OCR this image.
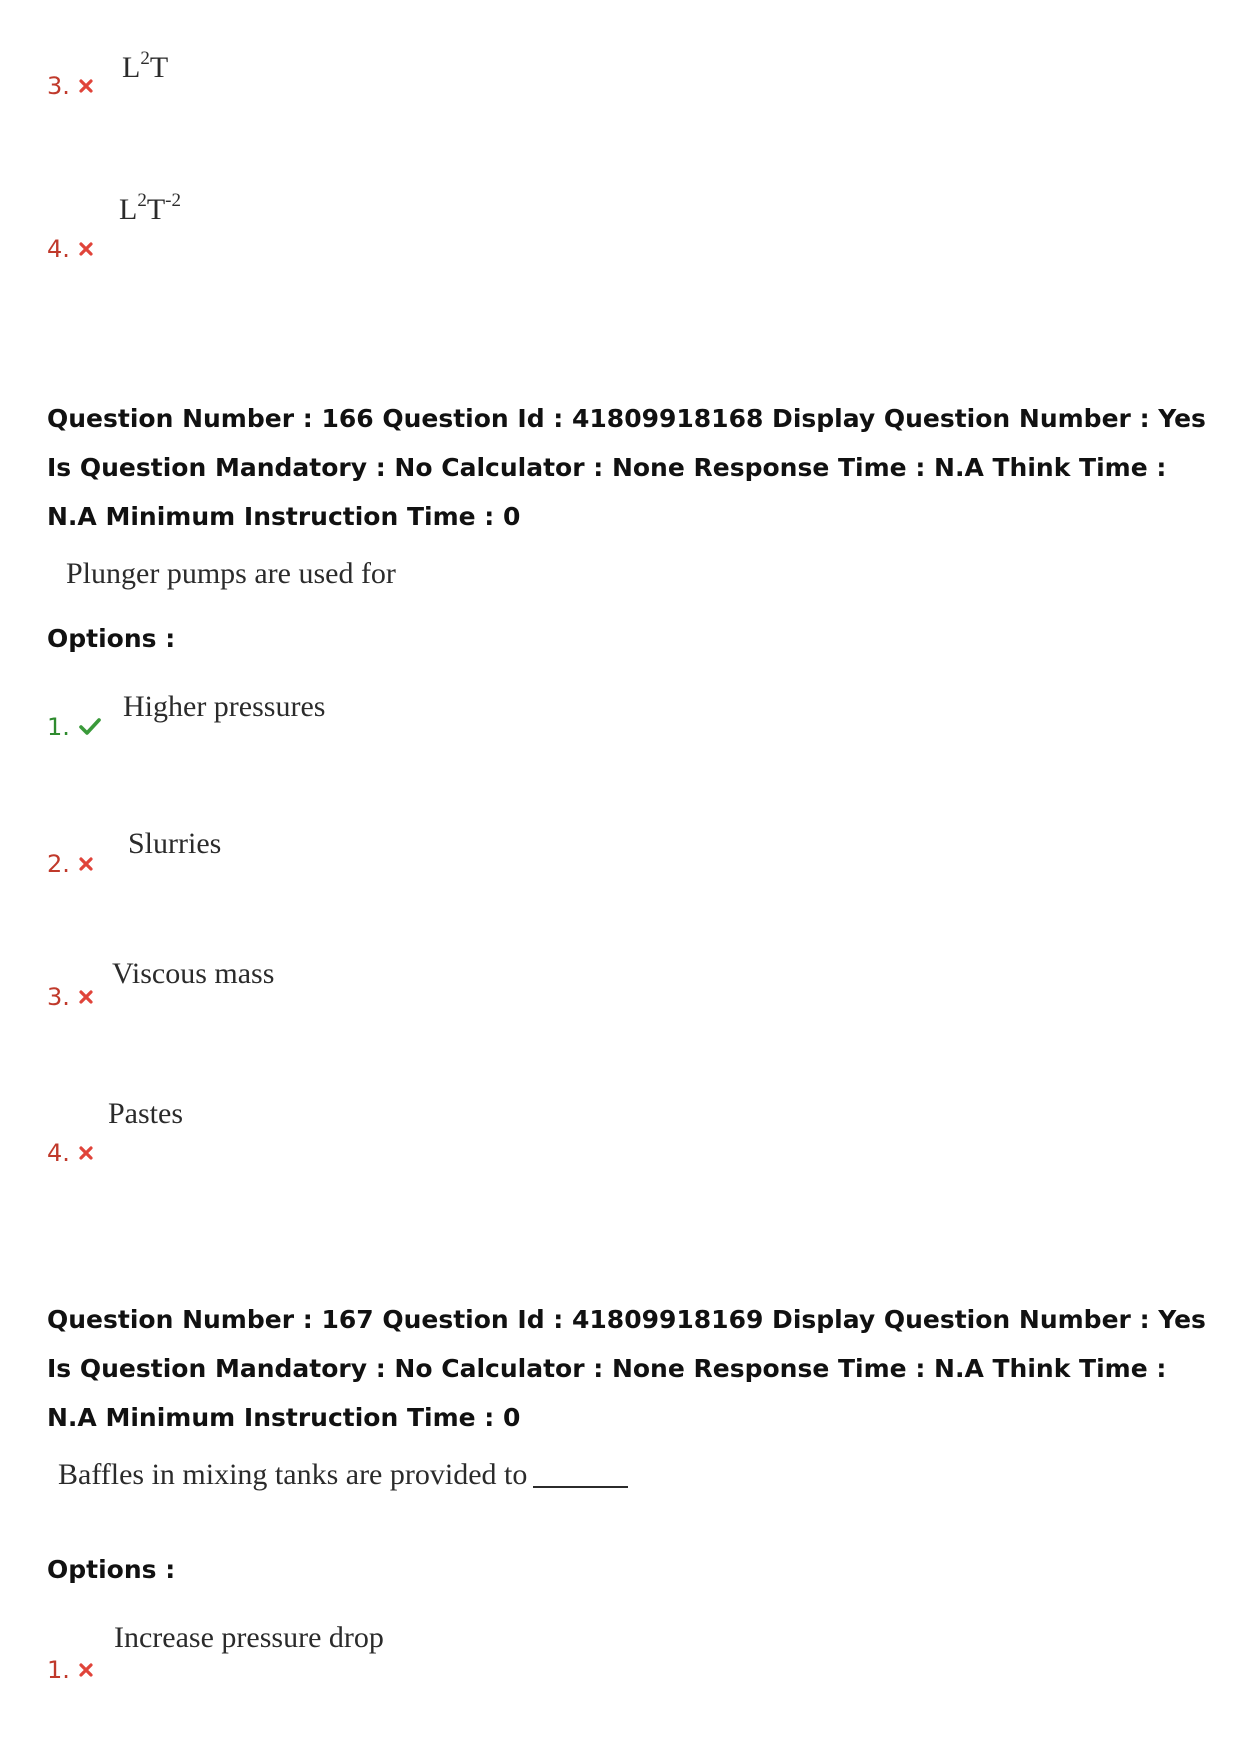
3.
$L^2T$
4.
$L^2T^{-2}$
Question Number : 166 Question Id : 41809918168 Display Question Number : Yes Is Question Mandatory : No Calculator : None Response Time : N.A Think Time : N.A Minimum Instruction Time : 0
Plunger pumps are used for
Options :
1.
Higher pressures
2.
Slurries
3.
Viscous mass
4.
Pastes
Question Number : 167 Question Id : 41809918169 Display Question Number : Yes Is Question Mandatory : No Calculator : None Response Time : N.A Think Time : N.A Minimum Instruction Time : 0
Baffles in mixing tanks are provided to
Options :
1.
Increase pressure drop
